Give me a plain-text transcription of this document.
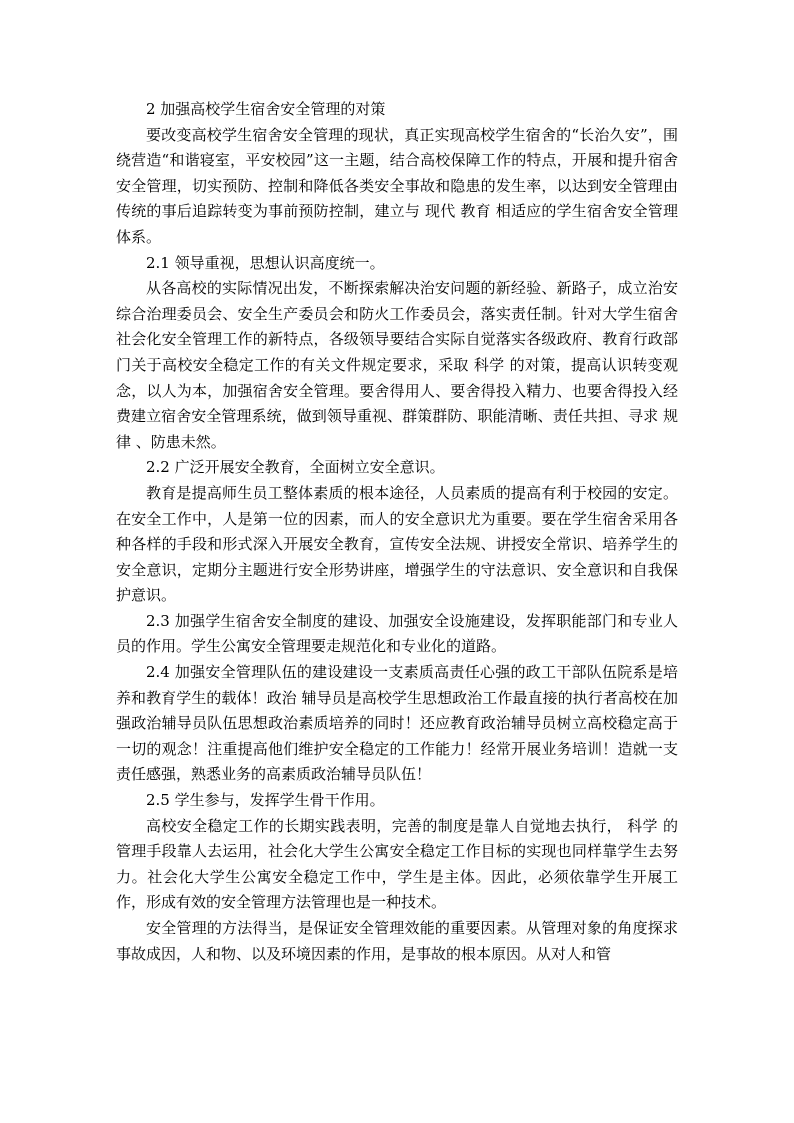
2 加强高校学生宿舍安全管理的对策

要改变高校学生宿舍安全管理的现状，真正实现高校学生宿舍的“长治久安”，围绕营造“和谐寝室，平安校园”这一主题，结合高校保障工作的特点，开展和提升宿舍安全管理，切实预防、控制和降低各类安全事故和隐患的发生率，以达到安全管理由传统的事后追踪转变为事前预防控制，建立与 现代 教育 相适应的学生宿舍安全管理体系。

2.1 领导重视，思想认识高度统一。

从各高校的实际情况出发，不断探索解决治安问题的新经验、新路子，成立治安综合治理委员会、安全生产委员会和防火工作委员会，落实责任制。针对大学生宿舍社会化安全管理工作的新特点，各级领导要结合实际自觉落实各级政府、教育行政部门关于高校安全稳定工作的有关文件规定要求，采取 科学 的对策，提高认识转变观念，以人为本，加强宿舍安全管理。要舍得用人、要舍得投入精力、也要舍得投入经费建立宿舍安全管理系统，做到领导重视、群策群防、职能清晰、责任共担、寻求 规律 、防患未然。

2.2 广泛开展安全教育，全面树立安全意识。

教育是提高师生员工整体素质的根本途径，人员素质的提高有利于校园的安定。在安全工作中，人是第一位的因素，而人的安全意识尤为重要。要在学生宿舍采用各种各样的手段和形式深入开展安全教育，宣传安全法规、讲授安全常识、培养学生的安全意识，定期分主题进行安全形势讲座，增强学生的守法意识、安全意识和自我保护意识。

2.3 加强学生宿舍安全制度的建设、加强安全设施建设，发挥职能部门和专业人员的作用。学生公寓安全管理要走规范化和专业化的道路。

2.4 加强安全管理队伍的建设建设一支素质高责任心强的政工干部队伍院系是培养和教育学生的载体！政治 辅导员是高校学生思想政治工作最直接的执行者高校在加强政治辅导员队伍思想政治素质培养的同时！还应教育政治辅导员树立高校稳定高于一切的观念！注重提高他们维护安全稳定的工作能力！经常开展业务培训！造就一支责任感强，熟悉业务的高素质政治辅导员队伍！

2.5 学生参与，发挥学生骨干作用。

高校安全稳定工作的长期实践表明，完善的制度是靠人自觉地去执行， 科学 的管理手段靠人去运用，社会化大学生公寓安全稳定工作目标的实现也同样靠学生去努力。社会化大学生公寓安全稳定工作中，学生是主体。因此，必须依靠学生开展工作，形成有效的安全管理方法管理也是一种技术。

安全管理的方法得当，是保证安全管理效能的重要因素。从管理对象的角度探求事故成因，人和物、以及环境因素的作用，是事故的根本原因。从对人和管
